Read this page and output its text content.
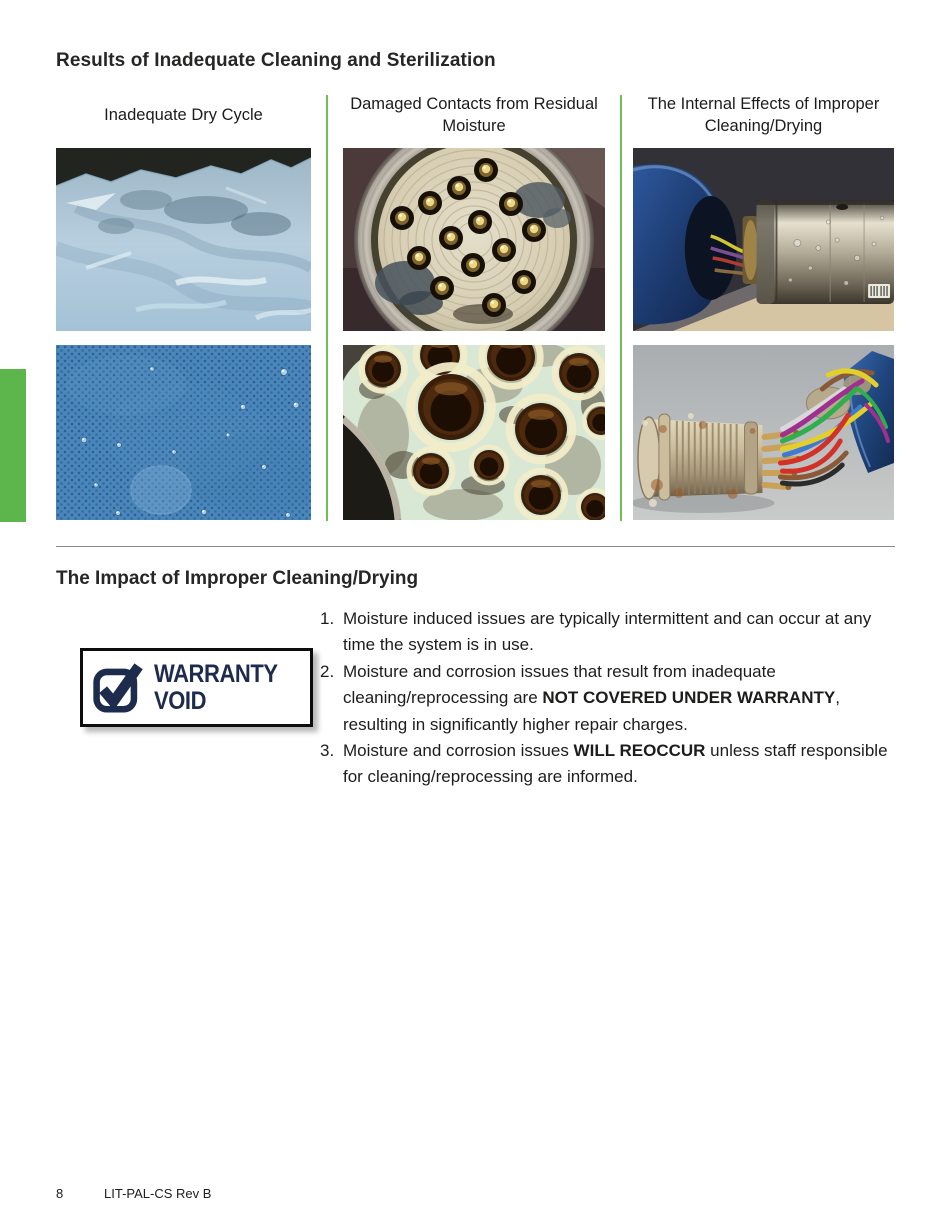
Results of Inadequate Cleaning and Sterilization
Inadequate Dry Cycle
Damaged Contacts from Residual Moisture
The Internal Effects of Improper Cleaning/Drying
The Impact of Improper Cleaning/Drying
WARRANTY
VOID
1. Moisture induced issues are typically intermittent and can occur at any time the system is in use.
2. Moisture and corrosion issues that result from inadequate cleaning/reprocessing are NOT COVERED UNDER WARRANTY, resulting in significantly higher repair charges.
3. Moisture and corrosion issues WILL REOCCUR unless staff responsible for cleaning/reprocessing are informed.
8	LIT-PAL-CS Rev B
